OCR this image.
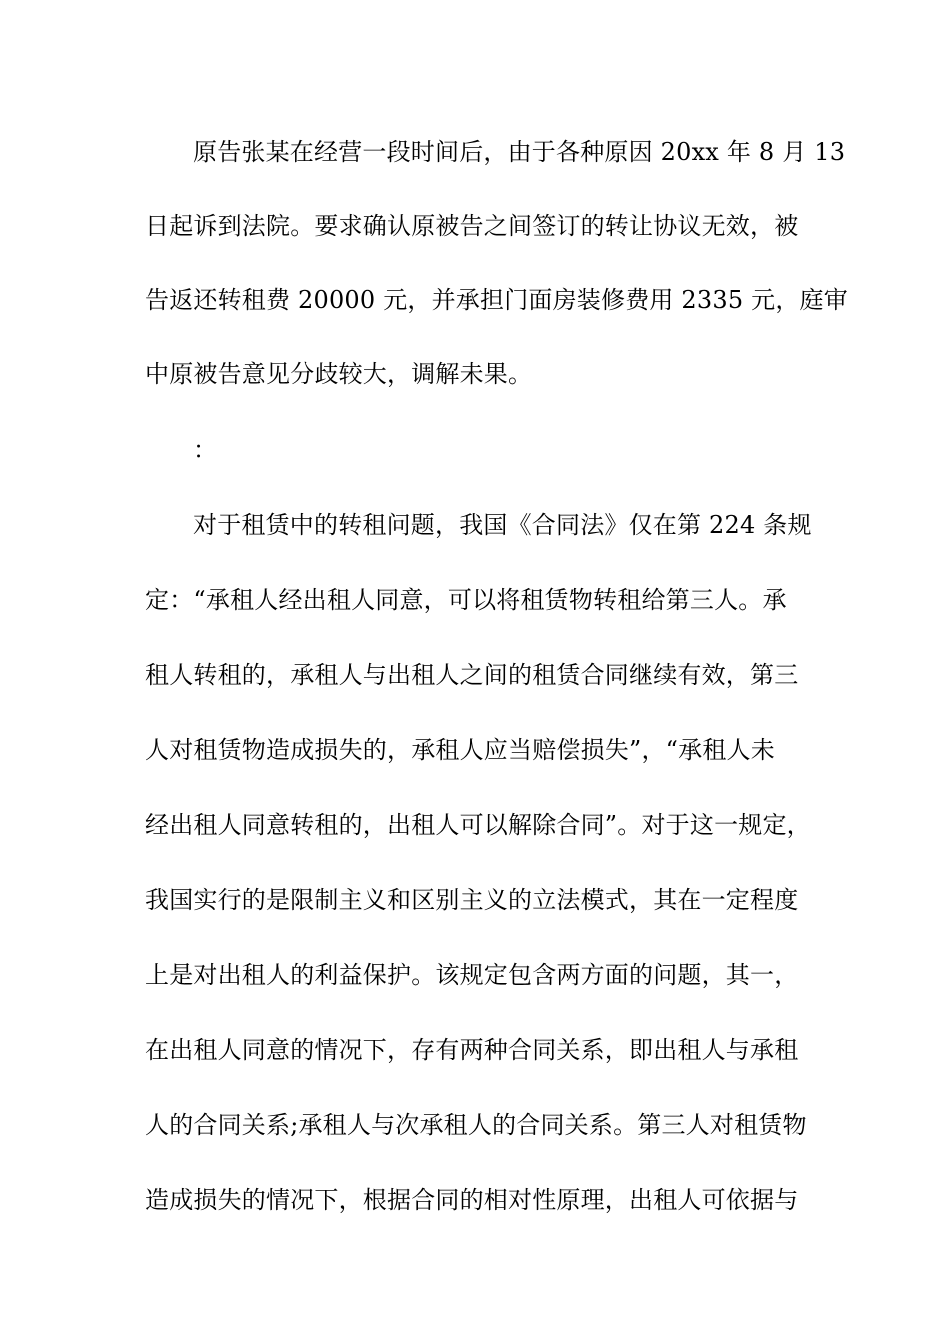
原告张某在经营一段时间后，由于各种原因 20xx 年 8 月 13
日起诉到法院。要求确认原被告之间签订的转让协议无效，被
告返还转租费 20000 元，并承担门面房装修费用 2335 元，庭审
中原被告意见分歧较大，调解未果。
：
对于租赁中的转租问题，我国《合同法》仅在第 224 条规
定：“承租人经出租人同意，可以将租赁物转租给第三人。承
租人转租的，承租人与出租人之间的租赁合同继续有效，第三
人对租赁物造成损失的，承租人应当赔偿损失”，“承租人未
经出租人同意转租的，出租人可以解除合同”。对于这一规定，
我国实行的是限制主义和区别主义的立法模式，其在一定程度
上是对出租人的利益保护。该规定包含两方面的问题，其一，
在出租人同意的情况下，存有两种合同关系，即出租人与承租
人的合同关系;承租人与次承租人的合同关系。第三人对租赁物
造成损失的情况下，根据合同的相对性原理，出租人可依据与
